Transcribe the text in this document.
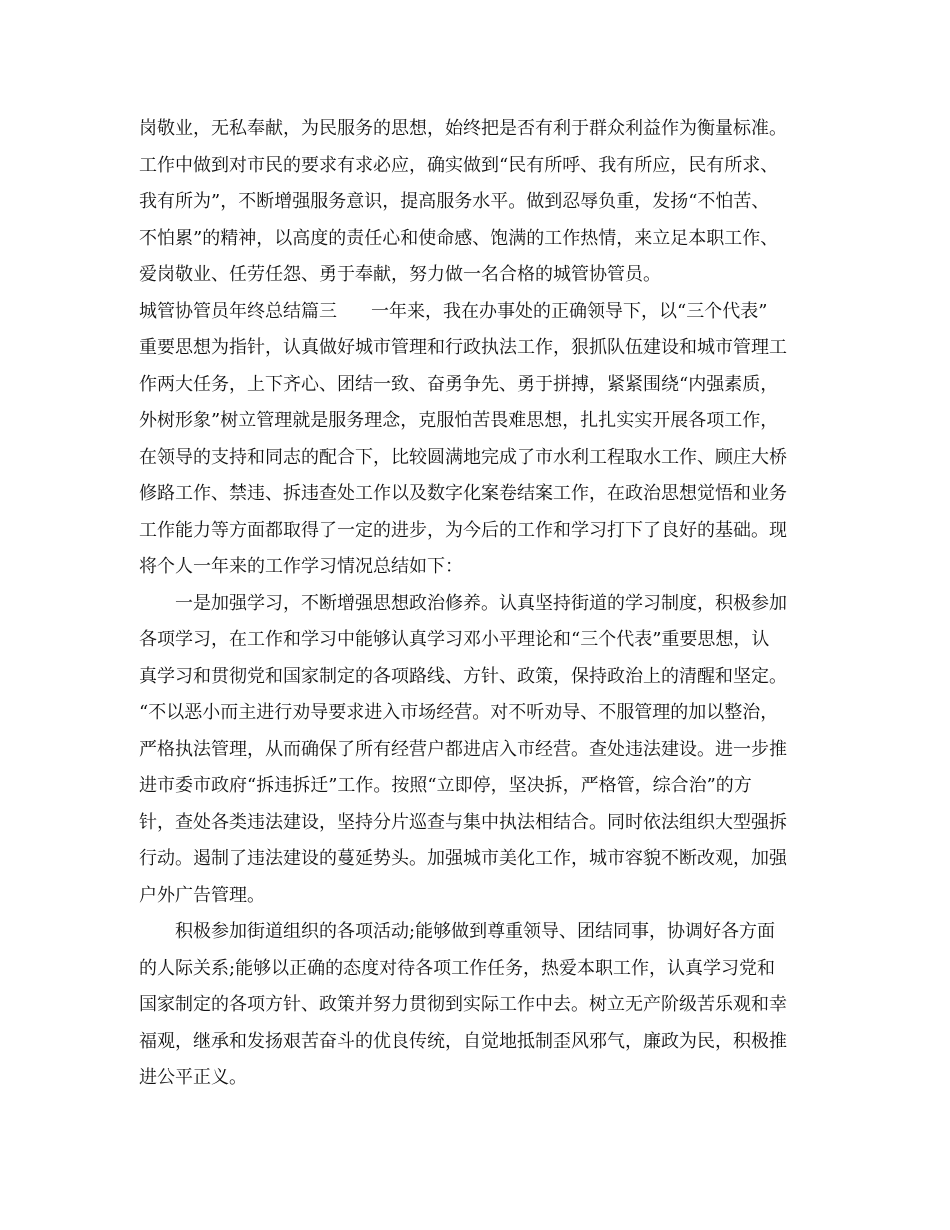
岗敬业，无私奉献，为民服务的思想，始终把是否有利于群众利益作为衡量标准。
工作中做到对市民的要求有求必应，确实做到“民有所呼、我有所应，民有所求、
我有所为”，不断增强服务意识，提高服务水平。做到忍辱负重，发扬“不怕苦、
不怕累”的精神，以高度的责任心和使命感、饱满的工作热情，来立足本职工作、
爱岗敬业、任劳任怨、勇于奉献，努力做一名合格的城管协管员。
城管协管员年终总结篇三 一年来，我在办事处的正确领导下，以“三个代表”
重要思想为指针，认真做好城市管理和行政执法工作，狠抓队伍建设和城市管理工
作两大任务，上下齐心、团结一致、奋勇争先、勇于拼搏，紧紧围绕“内强素质，
外树形象”树立管理就是服务理念，克服怕苦畏难思想，扎扎实实开展各项工作，
在领导的支持和同志的配合下，比较圆满地完成了市水利工程取水工作、顾庄大桥
修路工作、禁违、拆违查处工作以及数字化案卷结案工作，在政治思想觉悟和业务
工作能力等方面都取得了一定的进步，为今后的工作和学习打下了良好的基础。现
将个人一年来的工作学习情况总结如下：
一是加强学习，不断增强思想政治修养。认真坚持街道的学习制度，积极参加
各项学习，在工作和学习中能够认真学习邓小平理论和“三个代表”重要思想，认
真学习和贯彻党和国家制定的各项路线、方针、政策，保持政治上的清醒和坚定。
“不以恶小而主进行劝导要求进入市场经营。对不听劝导、不服管理的加以整治，
严格执法管理，从而确保了所有经营户都进店入市经营。查处违法建设。进一步推
进市委市政府“拆违拆迁”工作。按照“立即停，坚决拆，严格管，综合治”的方
针，查处各类违法建设，坚持分片巡查与集中执法相结合。同时依法组织大型强拆
行动。遏制了违法建设的蔓延势头。加强城市美化工作，城市容貌不断改观，加强
户外广告管理。
积极参加街道组织的各项活动;能够做到尊重领导、团结同事，协调好各方面
的人际关系;能够以正确的态度对待各项工作任务，热爱本职工作，认真学习党和
国家制定的各项方针、政策并努力贯彻到实际工作中去。树立无产阶级苦乐观和幸
福观，继承和发扬艰苦奋斗的优良传统，自觉地抵制歪风邪气，廉政为民，积极推
进公平正义。
